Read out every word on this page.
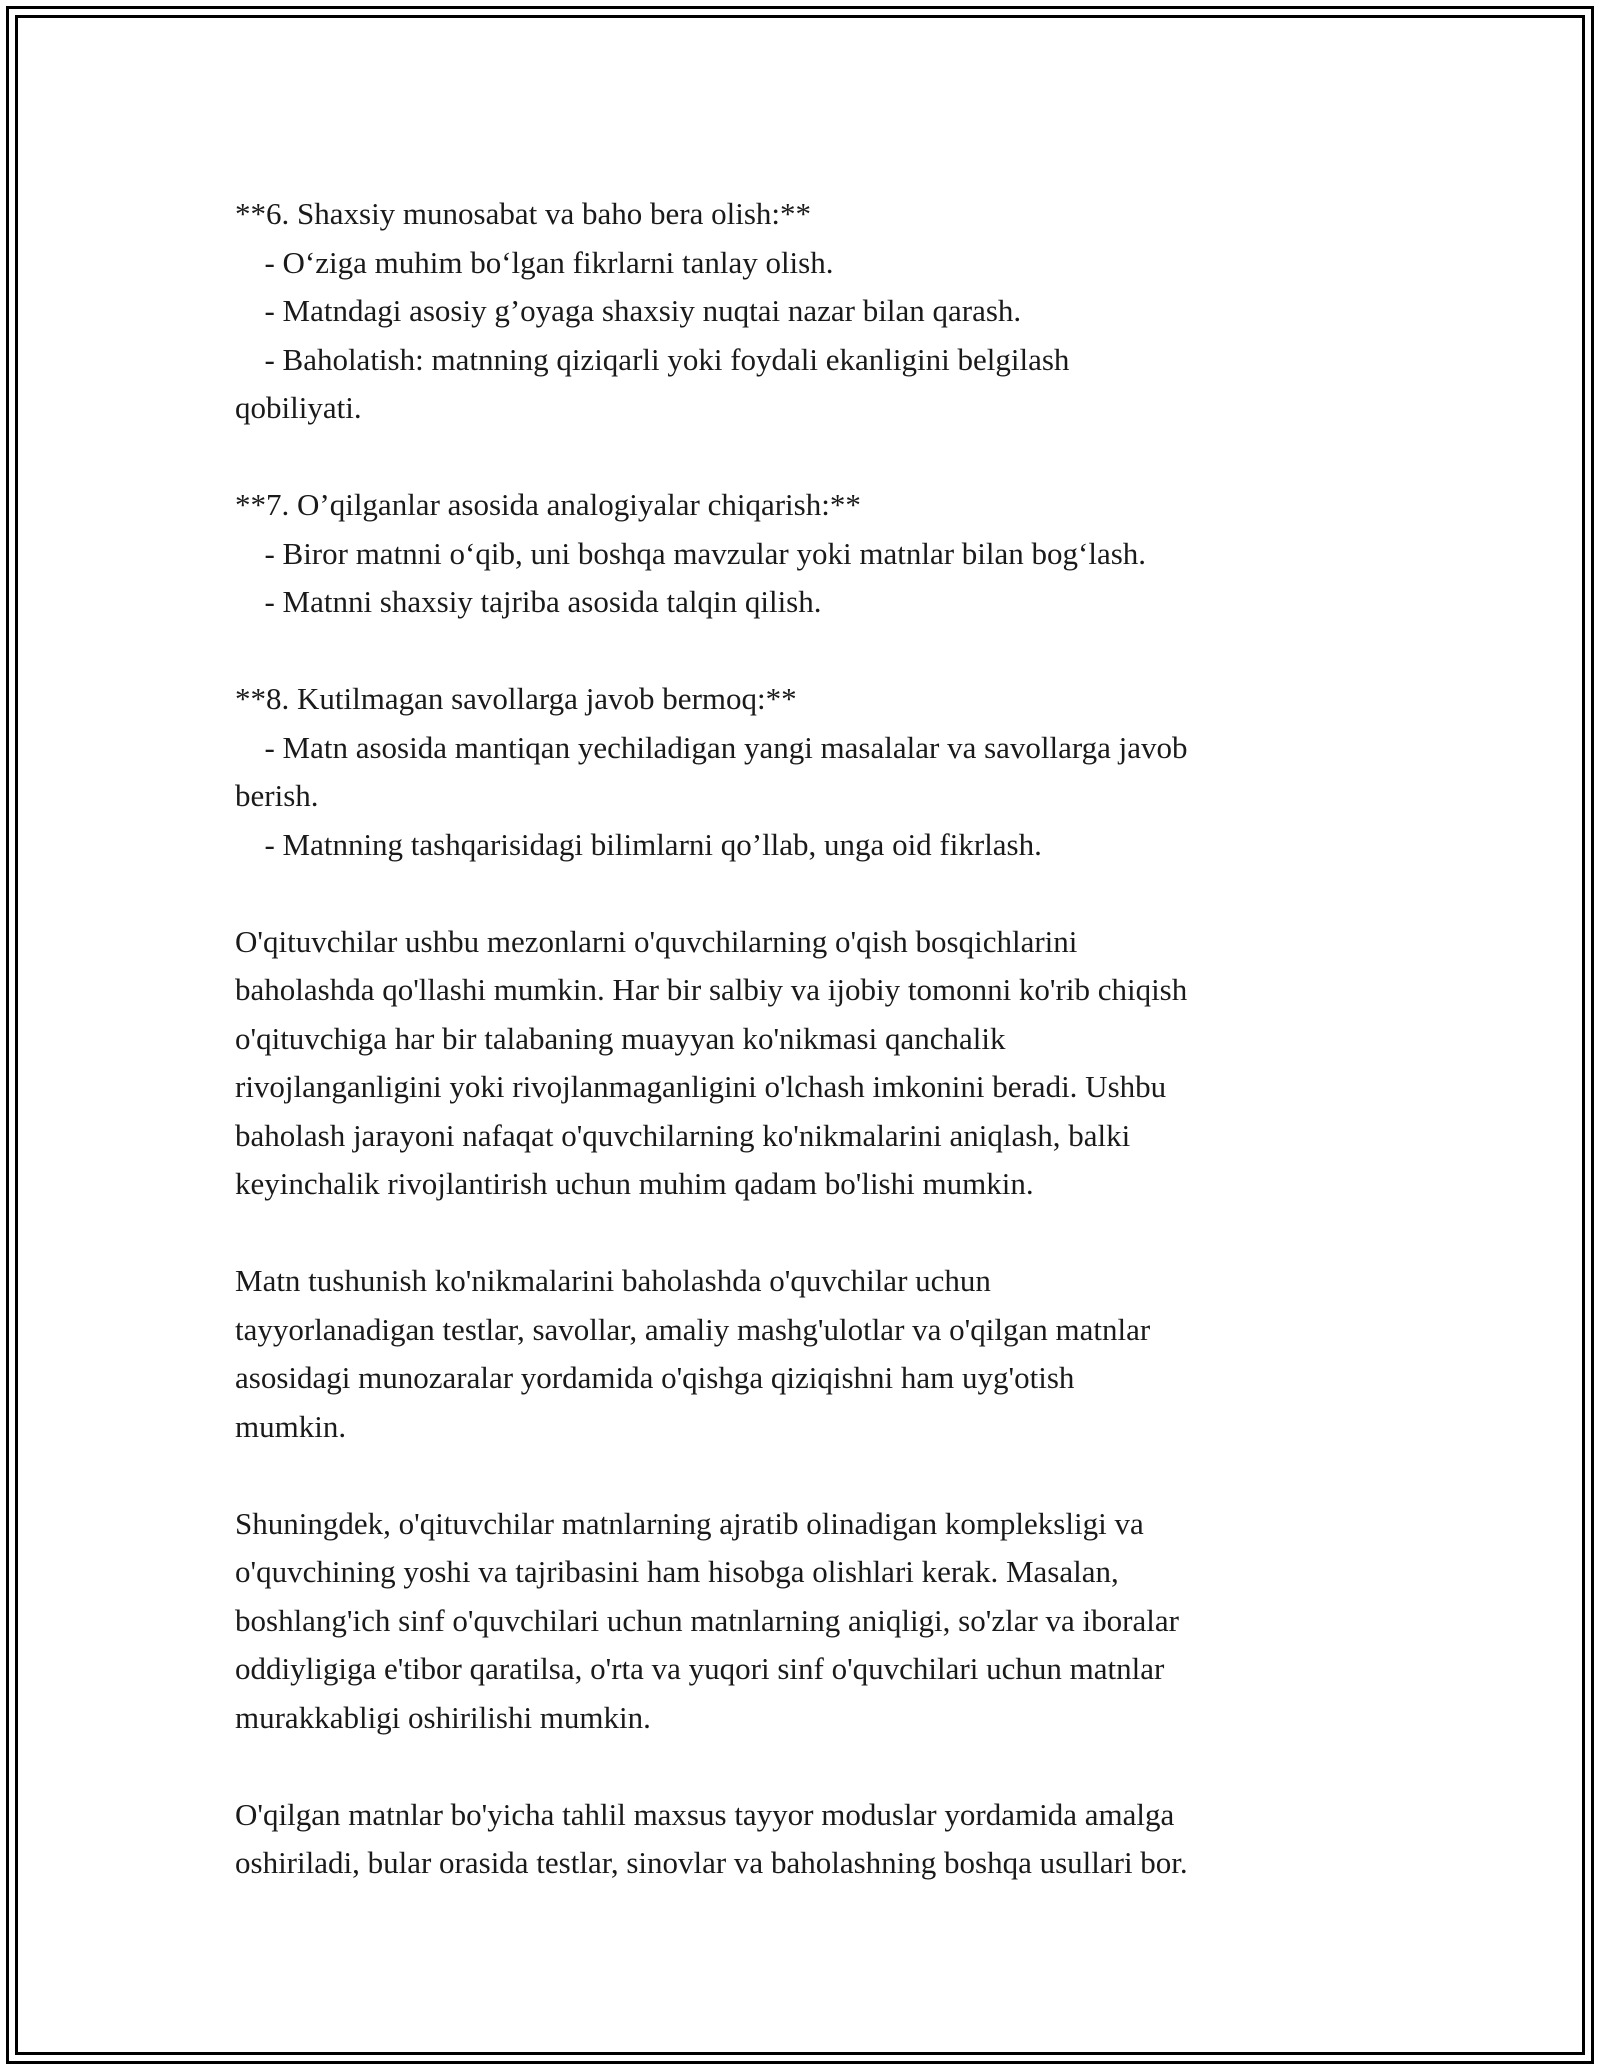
**6. Shaxsiy munosabat va baho bera olish:**
- O‘ziga muhim bo‘lgan fikrlarni tanlay olish.
- Matndagi asosiy g’oyaga shaxsiy nuqtai nazar bilan qarash.
- Baholatish: matnning qiziqarli yoki foydali ekanligini belgilash
qobiliyati.

**7. O’qilganlar asosida analogiyalar chiqarish:**
- Biror matnni o‘qib, uni boshqa mavzular yoki matnlar bilan bog‘lash.
- Matnni shaxsiy tajriba asosida talqin qilish.

**8. Kutilmagan savollarga javob bermoq:**
- Matn asosida mantiqan yechiladigan yangi masalalar va savollarga javob
berish.
- Matnning tashqarisidagi bilimlarni qo’llab, unga oid fikrlash.

O'qituvchilar ushbu mezonlarni o'quvchilarning o'qish bosqichlarini
baholashda qo'llashi mumkin. Har bir salbiy va ijobiy tomonni ko'rib chiqish
o'qituvchiga har bir talabaning muayyan ko'nikmasi qanchalik
rivojlanganligini yoki rivojlanmaganligini o'lchash imkonini beradi. Ushbu
baholash jarayoni nafaqat o'quvchilarning ko'nikmalarini aniqlash, balki
keyinchalik rivojlantirish uchun muhim qadam bo'lishi mumkin.

Matn tushunish ko'nikmalarini baholashda o'quvchilar uchun
tayyorlanadigan testlar, savollar, amaliy mashg'ulotlar va o'qilgan matnlar
asosidagi munozaralar yordamida o'qishga qiziqishni ham uyg'otish
mumkin.

Shuningdek, o'qituvchilar matnlarning ajratib olinadigan kompleksligi va
o'quvchining yoshi va tajribasini ham hisobga olishlari kerak. Masalan,
boshlang'ich sinf o'quvchilari uchun matnlarning aniqligi, so'zlar va iboralar
oddiyligiga e'tibor qaratilsa, o'rta va yuqori sinf o'quvchilari uchun matnlar
murakkabligi oshirilishi mumkin.

O'qilgan matnlar bo'yicha tahlil maxsus tayyor moduslar yordamida amalga
oshiriladi, bular orasida testlar, sinovlar va baholashning boshqa usullari bor.
